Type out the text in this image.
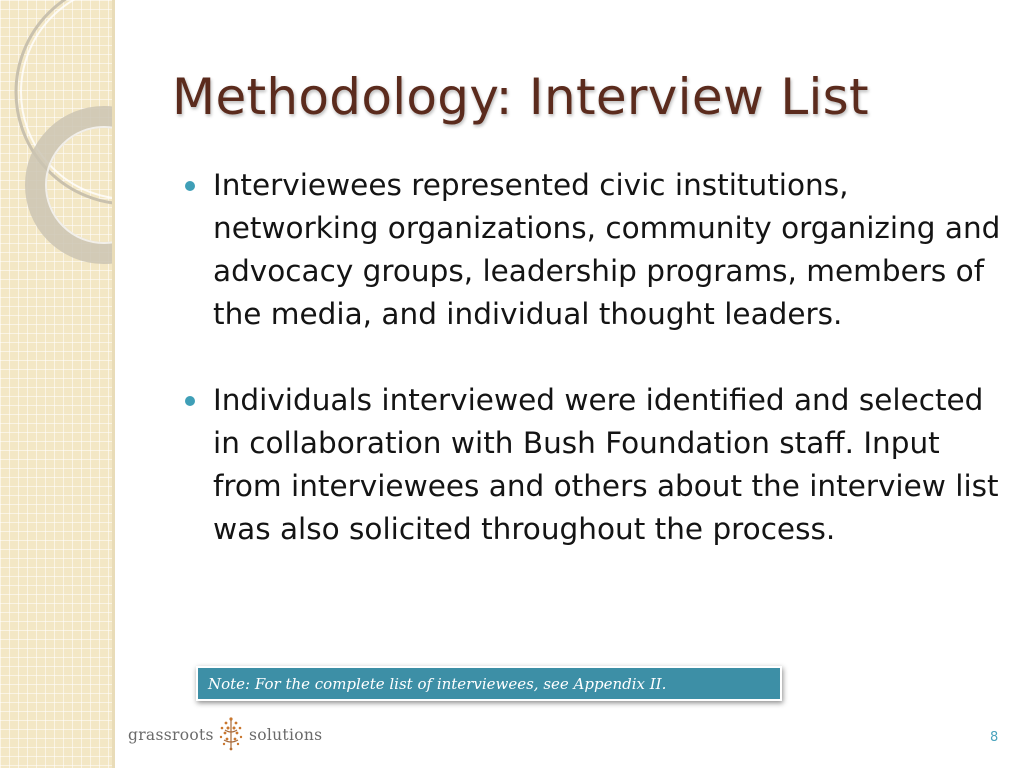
Methodology: Interview List
Interviewees represented civic institutions, networking organizations, community organizing and advocacy groups, leadership programs, members of the media, and individual thought leaders.
Individuals interviewed were identified and selected in collaboration with Bush Foundation staff. Input from interviewees and others about the interview list was also solicited throughout the process.
Note: For the complete list of interviewees, see Appendix II.
grassroots solutions	8
